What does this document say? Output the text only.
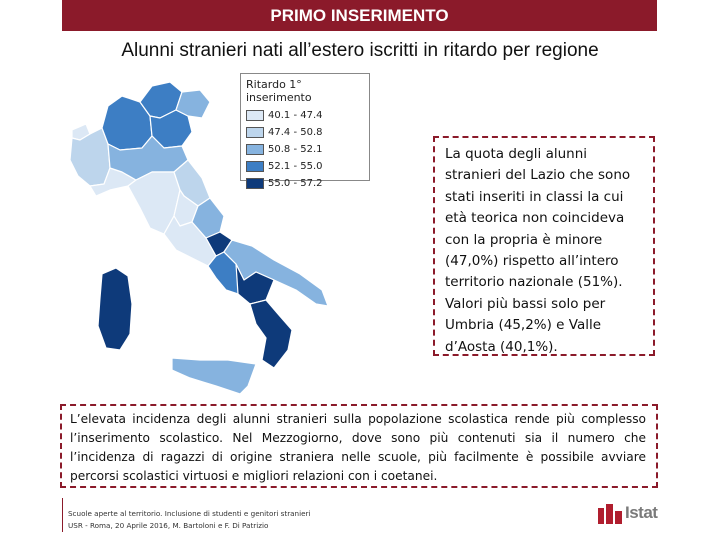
PRIMO INSERIMENTO
Alunni stranieri nati all’estero iscritti in ritardo per regione
Ritardo 1° inserimento
40.1 - 47.4
47.4 - 50.8
50.8 - 52.1
52.1 - 55.0
55.0 - 57.2
La quota degli alunni stranieri del Lazio che sono stati inseriti in classi la cui età teorica non coincideva con la propria è minore (47,0%) rispetto all’intero territorio nazionale (51%). Valori più bassi solo per Umbria (45,2%) e Valle d’Aosta (40,1%).
L’elevata incidenza degli alunni stranieri sulla popolazione scolastica rende più complesso l’inserimento scolastico. Nel Mezzogiorno, dove sono più contenuti sia il numero che l’incidenza di ragazzi di origine straniera nelle scuole, più facilmente è possibile avviare percorsi scolastici virtuosi e migliori relazioni con i coetanei.
Scuole aperte al territorio. Inclusione di studenti e genitori stranieri
USR - Roma, 20 Aprile 2016, M. Bartoloni e F. Di Patrizio
Istat
